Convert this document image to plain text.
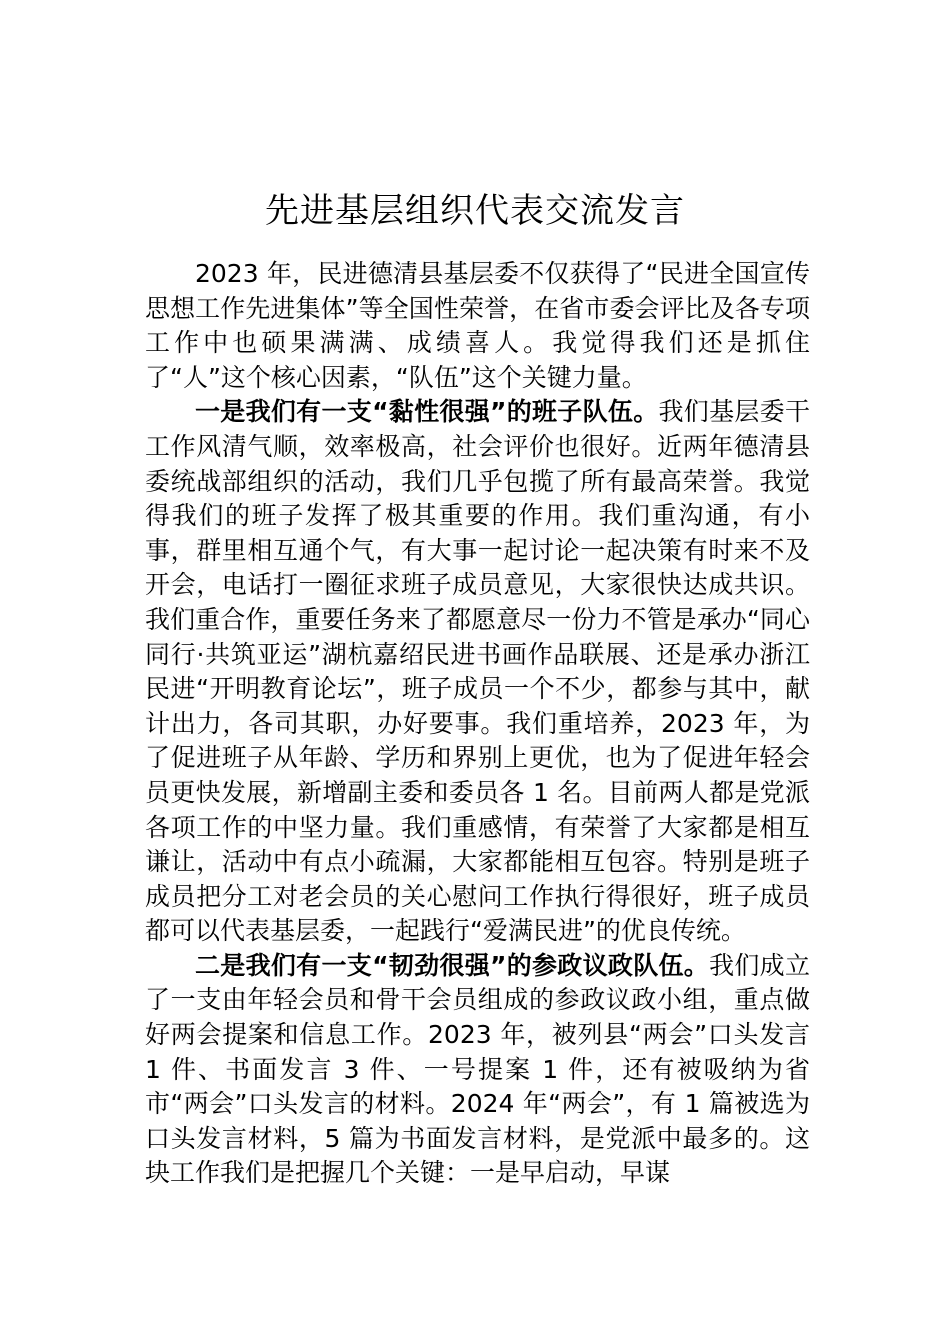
先进基层组织代表交流发言

2023 年，民进德清县基层委不仅获得了“民进全国宣传思想工作先进集体”等全国性荣誉，在省市委会评比及各专项工作中也硕果满满、成绩喜人。我觉得我们还是抓住了“人”这个核心因素，“队伍”这个关键力量。

一是我们有一支“黏性很强”的班子队伍。我们基层委干工作风清气顺，效率极高，社会评价也很好。近两年德清县委统战部组织的活动，我们几乎包揽了所有最高荣誉。我觉得我们的班子发挥了极其重要的作用。我们重沟通，有小事，群里相互通个气，有大事一起讨论一起决策有时来不及开会，电话打一圈征求班子成员意见，大家很快达成共识。我们重合作，重要任务来了都愿意尽一份力不管是承办“同心同行·共筑亚运”湖杭嘉绍民进书画作品联展、还是承办浙江民进“开明教育论坛”，班子成员一个不少，都参与其中，献计出力，各司其职，办好要事。我们重培养，2023 年，为了促进班子从年龄、学历和界别上更优，也为了促进年轻会员更快发展，新增副主委和委员各 1 名。目前两人都是党派各项工作的中坚力量。我们重感情，有荣誉了大家都是相互谦让，活动中有点小疏漏，大家都能相互包容。特别是班子成员把分工对老会员的关心慰问工作执行得很好，班子成员都可以代表基层委，一起践行“爱满民进”的优良传统。

二是我们有一支“韧劲很强”的参政议政队伍。我们成立了一支由年轻会员和骨干会员组成的参政议政小组，重点做好两会提案和信息工作。2023 年，被列县“两会”口头发言 1 件、书面发言 3 件、一号提案 1 件，还有被吸纳为省市“两会”口头发言的材料。2024 年“两会”，有 1 篇被选为口头发言材料，5 篇为书面发言材料，是党派中最多的。这块工作我们是把握几个关键：一是早启动，早谋
